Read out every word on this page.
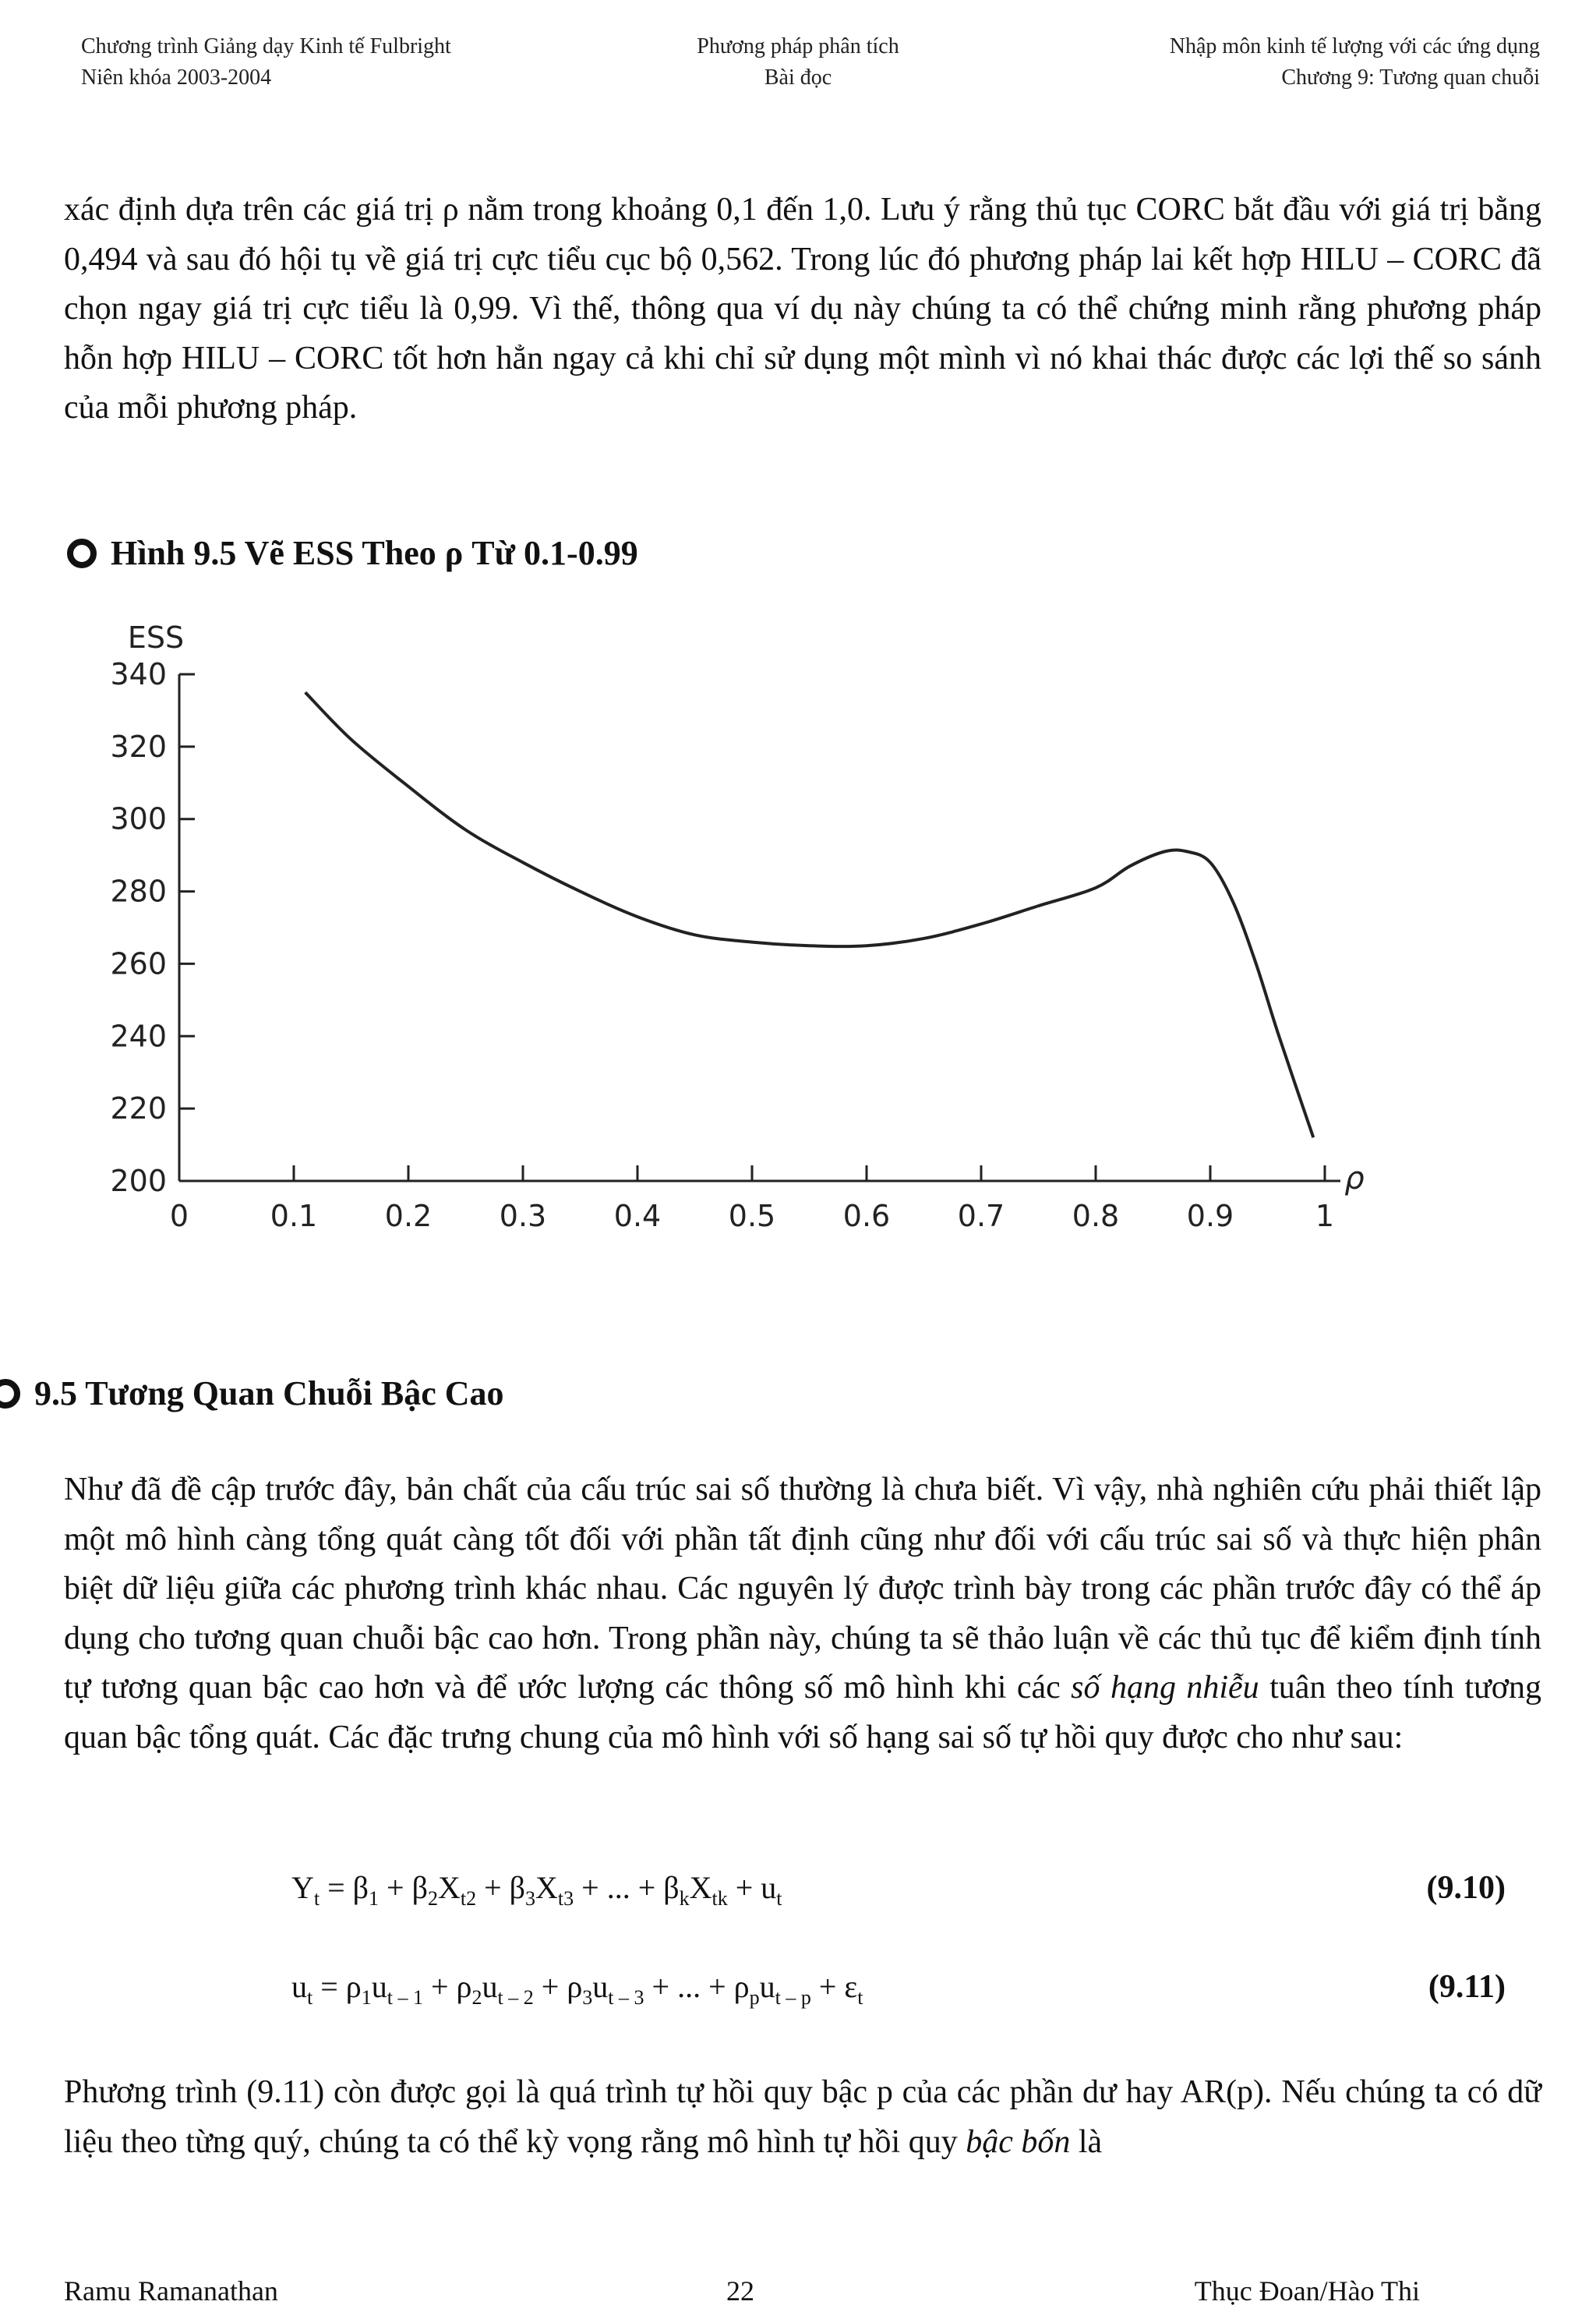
Chương trình Giảng dạy Kinh tế Fulbright
Niên khóa 2003-2004
Phương pháp phân tích
Bài đọc
Nhập môn kinh tế lượng với các ứng dụng
Chương 9: Tương quan chuỗi

xác định dựa trên các giá trị ρ nằm trong khoảng 0,1 đến 1,0. Lưu ý rằng thủ tục CORC bắt đầu với giá trị bằng 0,494 và sau đó hội tụ về giá trị cực tiểu cục bộ 0,562. Trong lúc đó phương pháp lai kết hợp HILU – CORC đã chọn ngay giá trị cực tiểu là 0,99. Vì thế, thông qua ví dụ này chúng ta có thể chứng minh rằng phương pháp hỗn hợp HILU – CORC tốt hơn hẳn ngay cả khi chỉ sử dụng một mình vì nó khai thác được các lợi thế so sánh của mỗi phương pháp.

Hình 9.5 Vẽ ESS Theo ρ Từ 0.1-0.99
0	0.1 0.2 0.3 0.4 0.5 0.6 0.7 0.8 0.9	1
200
220
240
260
280
300
320
340
ESS
ρ
9.5 Tương Quan Chuỗi Bậc Cao

Như đã đề cập trước đây, bản chất của cấu trúc sai số thường là chưa biết. Vì vậy, nhà nghiên cứu phải thiết lập một mô hình càng tổng quát càng tốt đối với phần tất định cũng như đối với cấu trúc sai số và thực hiện phân biệt dữ liệu giữa các phương trình khác nhau. Các nguyên lý được trình bày trong các phần trước đây có thể áp dụng cho tương quan chuỗi bậc cao hơn. Trong phần này, chúng ta sẽ thảo luận về các thủ tục để kiểm định tính tự tương quan bậc cao hơn và để ước lượng các thông số mô hình khi các số hạng nhiễu tuân theo tính tương quan bậc tổng quát. Các đặc trưng chung của mô hình với số hạng sai số tự hồi quy được cho như sau:

$Y_t = \beta_1 + \beta_2X_{t2} + \beta_3X_{t3}$ + ... + $\beta_kX_{tk} + u_t$	(9.10)
$u_t = \rho_1u_{t - 1} + \rho_2u_{t - 2} + \rho_3u_{t - 3}$ + ... + $\rho_pu_{t - p} + \varepsilon_t$	(9.11)

Phương trình (9.11) còn được gọi là quá trình tự hồi quy bậc p của các phần dư hay AR(p). Nếu chúng ta có dữ liệu theo từng quý, chúng ta có thể kỳ vọng rằng mô hình tự hồi quy bậc bốn là

Ramu Ramanathan	22	Thục Đoan/Hào Thi
